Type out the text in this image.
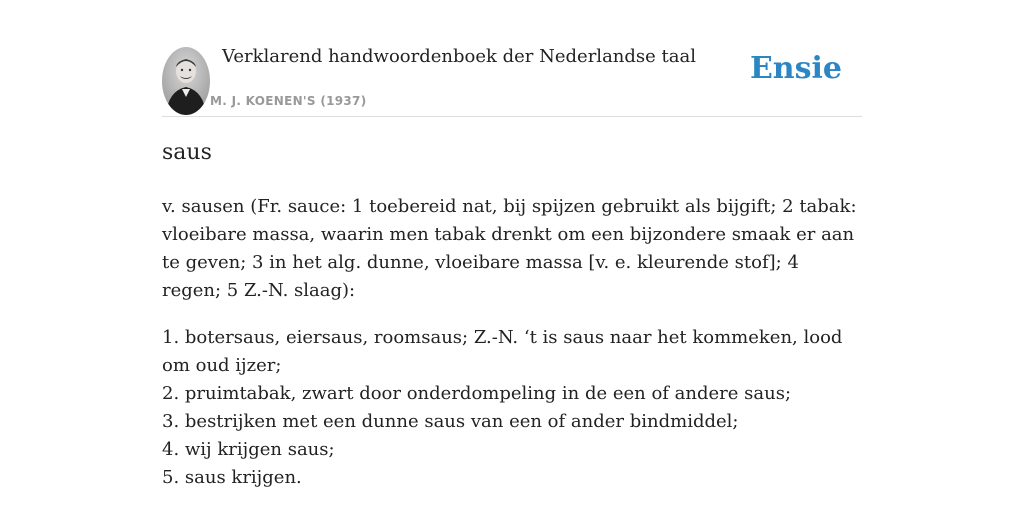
Verklarend handwoordenboek der Nederlandse taal
M. J. KOENEN'S (1937)
Ensie
saus

v. sausen (Fr. sauce: 1 toebereid nat, bij spijzen gebruikt als bijgift; 2 tabak: vloeibare massa, waarin men tabak drenkt om een bijzondere smaak er aan te geven; 3 in het alg. dunne, vloeibare massa [v. e. kleurende stof]; 4 regen; 5 Z.-N. slaag):

1. botersaus, eiersaus, roomsaus; Z.-N. ‘t is saus naar het kommeken, lood om oud ijzer;
2. pruimtabak, zwart door onderdompeling in de een of andere saus;
3. bestrijken met een dunne saus van een of ander bindmiddel;
4. wij krijgen saus;
5. saus krijgen.
